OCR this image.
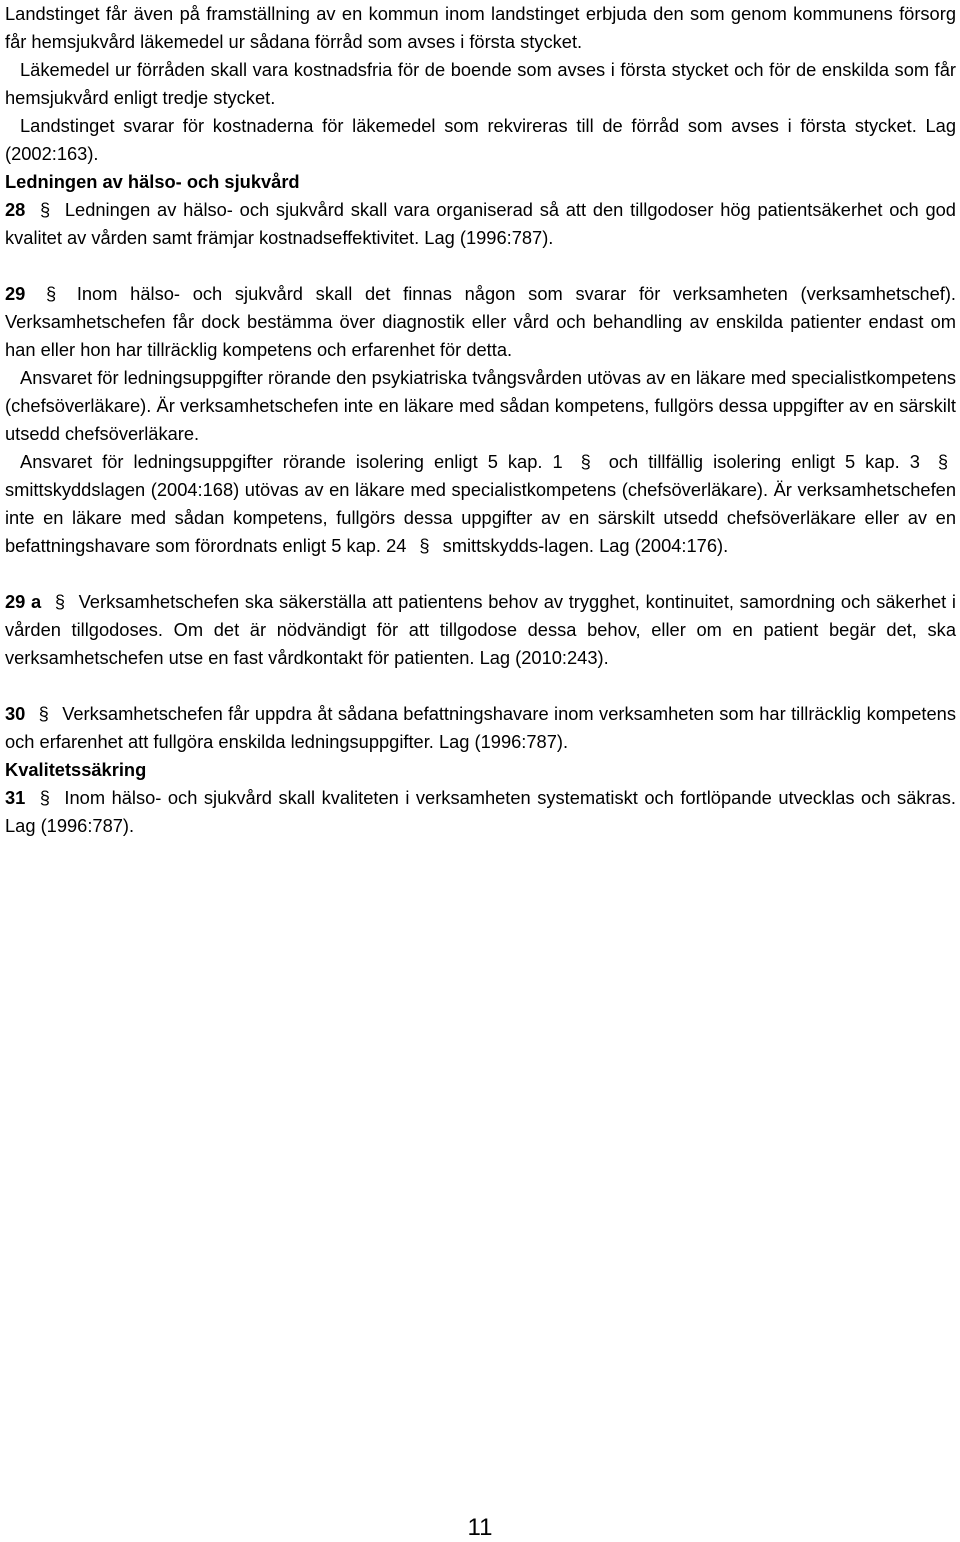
Landstinget får även på framställning av en kommun inom landstinget erbjuda den som genom kommunens försorg får hemsjukvård läkemedel ur sådana förråd som avses i första stycket.

Läkemedel ur förråden skall vara kostnadsfria för de boende som avses i första stycket och för de enskilda som får hemsjukvård enligt tredje stycket.

Landstinget svarar för kostnaderna för läkemedel som rekvireras till de förråd som avses i första stycket. Lag (2002:163).

Ledningen av hälso- och sjukvård

28 § Ledningen av hälso- och sjukvård skall vara organiserad så att den tillgodoser hög patientsäkerhet och god kvalitet av vården samt främjar kostnadseffektivitet. Lag (1996:787).

29 § Inom hälso- och sjukvård skall det finnas någon som svarar för verksamheten (verksamhetschef). Verksamhetschefen får dock bestämma över diagnostik eller vård och behandling av enskilda patienter endast om han eller hon har tillräcklig kompetens och erfarenhet för detta.

Ansvaret för ledningsuppgifter rörande den psykiatriska tvångsvården utövas av en läkare med specialistkompetens (chefsöverläkare). Är verksamhetschefen inte en läkare med sådan kompetens, fullgörs dessa uppgifter av en särskilt utsedd chefsöverläkare.

Ansvaret för ledningsuppgifter rörande isolering enligt 5 kap. 1 § och tillfällig isolering enligt 5 kap. 3 § smittskyddslagen (2004:168) utövas av en läkare med specialistkompetens (chefsöverläkare). Är verksamhetschefen inte en läkare med sådan kompetens, fullgörs dessa uppgifter av en särskilt utsedd chefsöverläkare eller av en befattningshavare som förordnats enligt 5 kap. 24 § smittskydds-lagen. Lag (2004:176).

29 a § Verksamhetschefen ska säkerställa att patientens behov av trygghet, kontinuitet, samordning och säkerhet i vården tillgodoses. Om det är nödvändigt för att tillgodose dessa behov, eller om en patient begär det, ska verksamhetschefen utse en fast vårdkontakt för patienten. Lag (2010:243).

30 § Verksamhetschefen får uppdra åt sådana befattningshavare inom verksamheten som har tillräcklig kompetens och erfarenhet att fullgöra enskilda ledningsuppgifter. Lag (1996:787).

Kvalitetssäkring

31 § Inom hälso- och sjukvård skall kvaliteten i verksamheten systematiskt och fortlöpande utvecklas och säkras. Lag (1996:787).

11
